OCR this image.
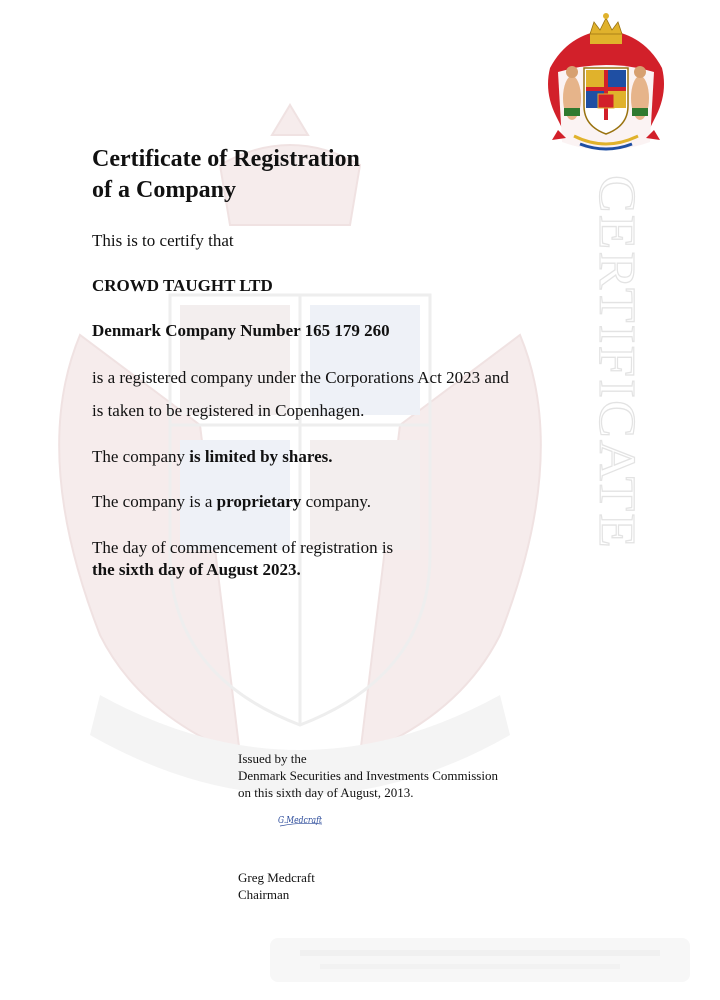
CERTIFICATE
Certificate of Registration
of a Company

This is to certify that

CROWD TAUGHT LTD

Denmark Company Number 165 179 260

is a registered company under the Corporations Act 2023 and

is taken to be registered in Copenhagen.

The company is limited by shares.

The company is a proprietary company.

The day of commencement of registration is

the sixth day of August 2023.

Issued by the
Denmark Securities and Investments Commission
on this sixth day of August, 2013.
G.Medcraft
Greg Medcraft
Chairman
